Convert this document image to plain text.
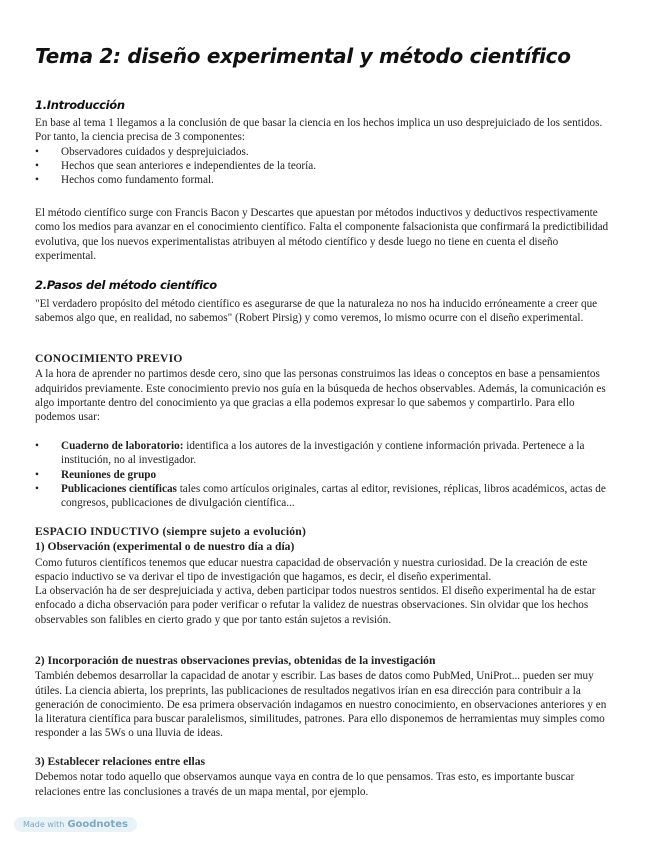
Tema 2: diseño experimental y método científico
1.Introducción

En base al tema 1 llegamos a la conclusión de que basar la ciencia en los hechos implica un uso desprejuiciado de los sentidos. Por tanto, la ciencia precisa de 3 componentes:

• Observadores cuidados y desprejuiciados.
• Hechos que sean anteriores e independientes de la teoría.
• Hechos como fundamento formal.

El método científico surge con Francis Bacon y Descartes que apuestan por métodos inductivos y deductivos respectivamente como los medios para avanzar en el conocimiento científico. Falta el componente falsacionista que confirmará la predictibilidad evolutiva, que los nuevos experimentalistas atribuyen al método científico y desde luego no tiene en cuenta el diseño experimental.

2.Pasos del método científico

"El verdadero propósito del método científico es asegurarse de que la naturaleza no nos ha inducido erróneamente a creer que sabemos algo que, en realidad, no sabemos" (Robert Pirsig) y como veremos, lo mismo ocurre con el diseño experimental.

CONOCIMIENTO PREVIO

A la hora de aprender no partimos desde cero, sino que las personas construimos las ideas o conceptos en base a pensamientos adquiridos previamente. Este conocimiento previo nos guía en la búsqueda de hechos observables. Además, la comunicación es algo importante dentro del conocimiento ya que gracias a ella podemos expresar lo que sabemos y compartirlo. Para ello podemos usar:

• Cuaderno de laboratorio: identifica a los autores de la investigación y contiene información privada. Pertenece a la institución, no al investigador.
• Reuniones de grupo
• Publicaciones científicas tales como artículos originales, cartas al editor, revisiones, réplicas, libros académicos, actas de congresos, publicaciones de divulgación científica...

ESPACIO INDUCTIVO (siempre sujeto a evolución)

1) Observación (experimental o de nuestro día a día)

Como futuros científicos tenemos que educar nuestra capacidad de observación y nuestra curiosidad. De la creación de este espacio inductivo se va derivar el tipo de investigación que hagamos, es decir, el diseño experimental.

La observación ha de ser desprejuiciada y activa, deben participar todos nuestros sentidos. El diseño experimental ha de estar enfocado a dicha observación para poder verificar o refutar la validez de nuestras observaciones. Sin olvidar que los hechos observables son falibles en cierto grado y que por tanto están sujetos a revisión.

2) Incorporación de nuestras observaciones previas, obtenidas de la investigación

También debemos desarrollar la capacidad de anotar y escribir. Las bases de datos como PubMed, UniProt... pueden ser muy útiles. La ciencia abierta, los preprints, las publicaciones de resultados negativos irían en esa dirección para contribuir a la generación de conocimiento. De esa primera observación indagamos en nuestro conocimiento, en observaciones anteriores y en la literatura científica para buscar paralelismos, similitudes, patrones. Para ello disponemos de herramientas muy simples como responder a las 5Ws o una lluvia de ideas.

3) Establecer relaciones entre ellas

Debemos notar todo aquello que observamos aunque vaya en contra de lo que pensamos. Tras esto, es importante buscar relaciones entre las conclusiones a través de un mapa mental, por ejemplo.

Made with Goodnotes
